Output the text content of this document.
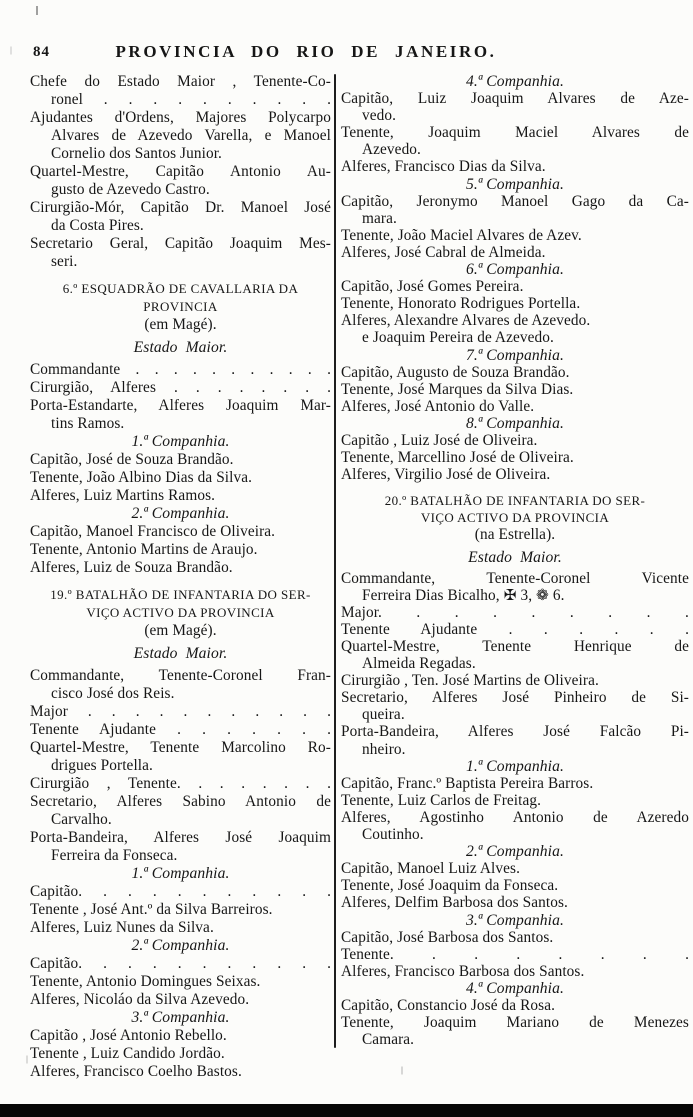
84	PROVINCIA DO RIO DE JANEIRO.

Chefe do Estado Maior , Tenente-Co-

ronel . . . . . . . . . .

Ajudantes d'Ordens, Majores Polycarpo

Alvares de Azevedo Varella, e Manoel

Cornelio dos Santos Junior.

Quartel-Mestre, Capitão Antonio Au-

gusto de Azevedo Castro.

Cirurgião-Mór, Capitão Dr. Manoel José

da Costa Pires.

Secretario Geral, Capitão Joaquim Mes-

seri.

6.º ESQUADRÃO DE CAVALLARIA DA

PROVINCIA

(em Magé).

Estado Maior.

Commandante . . . . . . . . . . .

Cirurgião, Alferes . . . . . . . .

Porta-Estandarte, Alferes Joaquim Mar-

tins Ramos.

1.ª Companhia.

Capitão, José de Souza Brandão.

Tenente, João Albino Dias da Silva.

Alferes, Luiz Martins Ramos.

2.ª Companhia.

Capitão, Manoel Francisco de Oliveira.

Tenente, Antonio Martins de Araujo.

Alferes, Luiz de Souza Brandão.

19.º BATALHÃO DE INFANTARIA DO SER-

VIÇO ACTIVO DA PROVINCIA

(em Magé).

Estado Maior.

Commandante, Tenente-Coronel Fran-

cisco José dos Reis.

Major . . . . . . . . . . .

Tenente Ajudante . . . . . . .

Quartel-Mestre, Tenente Marcolino Ro-

drigues Portella.

Cirurgião , Tenente. . . . . . . .

Secretario, Alferes Sabino Antonio de

Carvalho.

Porta-Bandeira, Alferes José Joaquim

Ferreira da Fonseca.

1.ª Companhia.

Capitão. . . . . . . . . . .

Tenente , José Ant.º da Silva Barreiros.

Alferes, Luiz Nunes da Silva.

2.ª Companhia.

Capitão. . . . . . . . . . .

Tenente, Antonio Domingues Seixas.

Alferes, Nicoláo da Silva Azevedo.

3.ª Companhia.

Capitão , José Antonio Rebello.

Tenente , Luiz Candido Jordão.

Alferes, Francisco Coelho Bastos.

4.ª Companhia.

Capitão, Luiz Joaquim Alvares de Aze-

vedo.

Tenente, Joaquim Maciel Alvares de

Azevedo.

Alferes, Francisco Dias da Silva.

5.ª Companhia.

Capitão, Jeronymo Manoel Gago da Ca-

mara.

Tenente, João Maciel Alvares de Azev.

Alferes, José Cabral de Almeida.

6.ª Companhia.

Capitão, José Gomes Pereira.

Tenente, Honorato Rodrigues Portella.

Alferes, Alexandre Alvares de Azevedo.

e Joaquim Pereira de Azevedo.

7.ª Companhia.

Capitão, Augusto de Souza Brandão.

Tenente, José Marques da Silva Dias.

Alferes, José Antonio do Valle.

8.ª Companhia.

Capitão , Luiz José de Oliveira.

Tenente, Marcellino José de Oliveira.

Alferes, Virgilio José de Oliveira.

20.º BATALHÃO DE INFANTARIA DO SER-

VIÇO ACTIVO DA PROVINCIA

(na Estrella).

Estado Maior.

Commandante, Tenente-Coronel Vicente

Ferreira Dias Bicalho, ✠ 3, ❁ 6.

Major. . . . . . . . .

Tenente Ajudante . . . . . .

Quartel-Mestre, Tenente Henrique de

Almeida Regadas.

Cirurgião , Ten. José Martins de Oliveira.

Secretario, Alferes José Pinheiro de Si-

queira.

Porta-Bandeira, Alferes José Falcão Pi-

nheiro.

1.ª Companhia.

Capitão, Franc.º Baptista Pereira Barros.

Tenente, Luiz Carlos de Freitag.

Alferes, Agostinho Antonio de Azeredo

Coutinho.

2.ª Companhia.

Capitão, Manoel Luiz Alves.

Tenente, José Joaquim da Fonseca.

Alferes, Delfim Barbosa dos Santos.

3.ª Companhia.

Capitão, José Barbosa dos Santos.

Tenente. . . . . . . .

Alferes, Francisco Barbosa dos Santos.

4.ª Companhia.

Capitão, Constancio José da Rosa.

Tenente, Joaquim Mariano de Menezes

Camara.
